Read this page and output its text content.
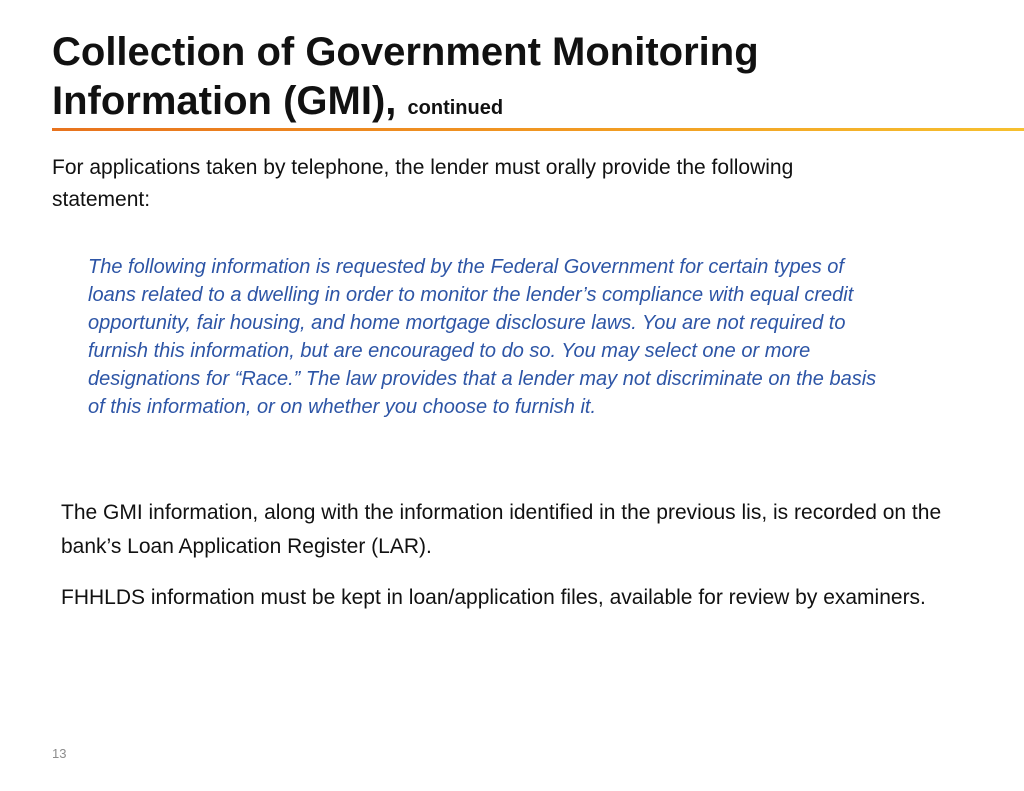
Collection of Government Monitoring Information (GMI), continued

For applications taken by telephone, the lender must orally provide the following statement:

The following information is requested by the Federal Government for certain types of loans related to a dwelling in order to monitor the lender’s compliance with equal credit opportunity, fair housing, and home mortgage disclosure laws. You are not required to furnish this information, but are encouraged to do so. You may select one or more designations for “Race.” The law provides that a lender may not discriminate on the basis of this information, or on whether you choose to furnish it.

The GMI information, along with the information identified in the previous lis, is recorded on the bank’s Loan Application Register (LAR).

FHHLDS information must be kept in loan/application files, available for review by examiners.

13
